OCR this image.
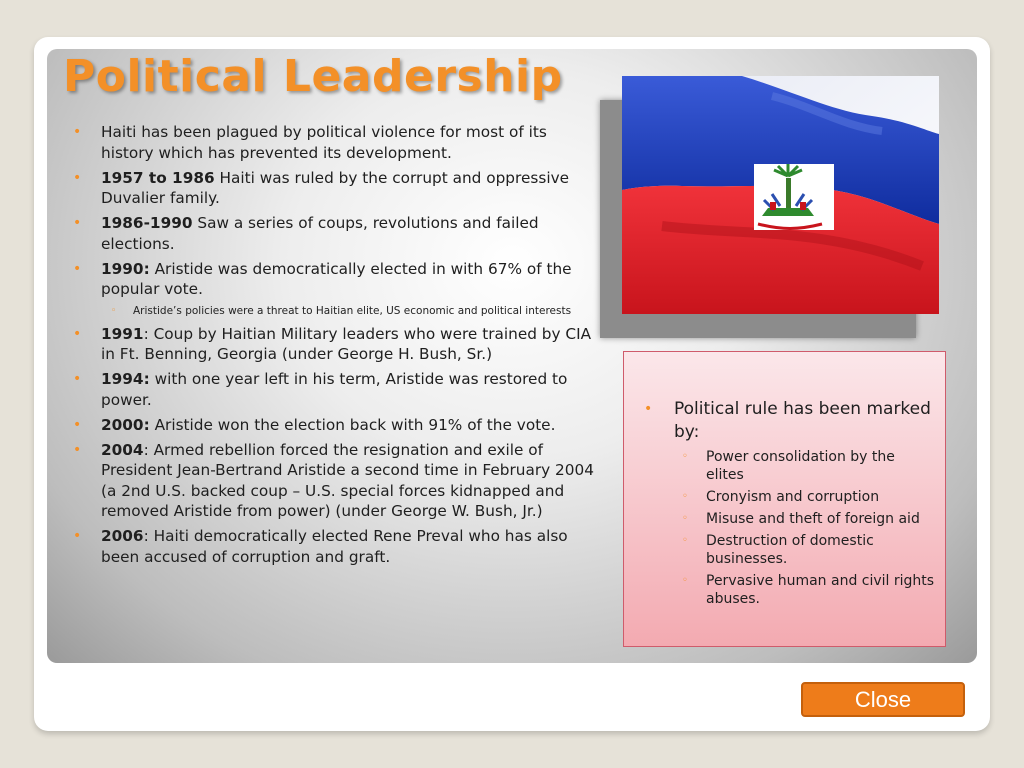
Political Leadership
• Haiti has been plagued by political violence for most of its history which has prevented its development.
• 1957 to 1986 Haiti was ruled by the corrupt and oppressive Duvalier family.
• 1986-1990 Saw a series of coups, revolutions and failed elections.
• 1990: Aristide was democratically elected in with 67% of the popular vote.
◦ Aristide’s policies were a threat to Haitian elite, US economic and political interests
• 1991: Coup by Haitian Military leaders who were trained by CIA in Ft. Benning, Georgia (under George H. Bush, Sr.)
• 1994: with one year left in his term, Aristide was restored to power.
• 2000: Aristide won the election back with 91% of the vote.
• 2004: Armed rebellion forced the resignation and exile of President Jean-Bertrand Aristide a second time in February 2004 (a 2nd U.S. backed coup – U.S. special forces kidnapped and removed Aristide from power) (under George W. Bush, Jr.)
• 2006: Haiti democratically elected Rene Preval who has also been accused of corruption and graft.
• Political rule has been marked by:
◦ Power consolidation by the elites
◦ Cronyism and corruption
◦ Misuse and theft of foreign aid
◦ Destruction of domestic businesses.
◦ Pervasive human and civil rights abuses.
Close
